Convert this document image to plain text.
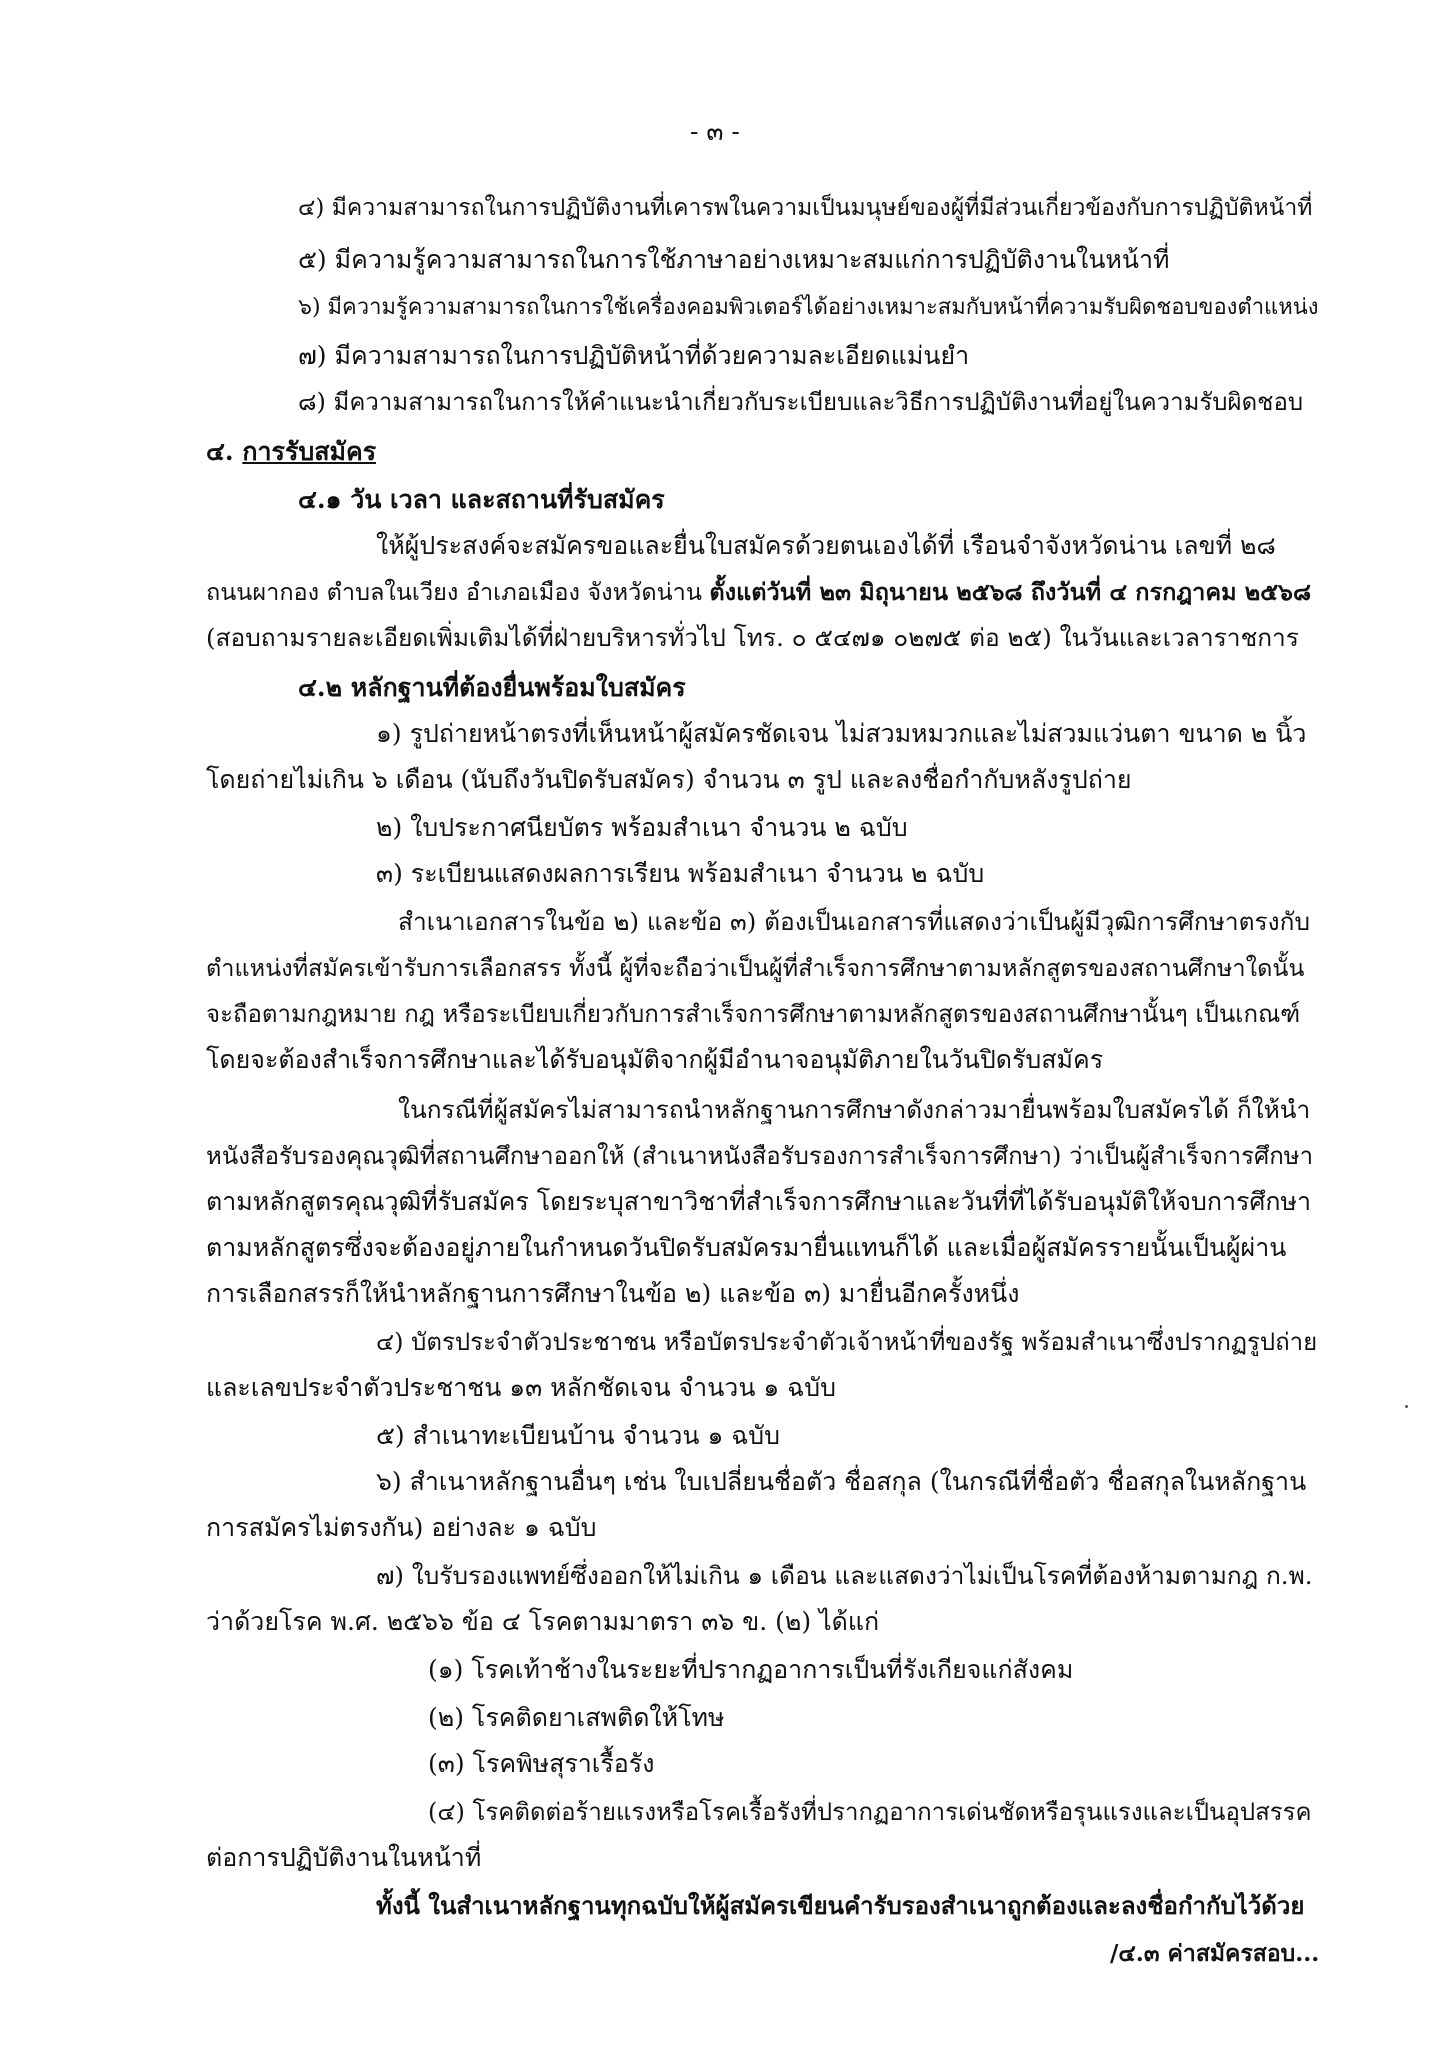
- ๓ -
๔) มีความสามารถในการปฏิบัติงานที่เคารพในความเป็นมนุษย์ของผู้ที่มีส่วนเกี่ยวข้องกับการปฏิบัติหน้าที่
๕) มีความรู้ความสามารถในการใช้ภาษาอย่างเหมาะสมแก่การปฏิบัติงานในหน้าที่
๖) มีความรู้ความสามารถในการใช้เครื่องคอมพิวเตอร์ได้อย่างเหมาะสมกับหน้าที่ความรับผิดชอบของตำแหน่ง
๗) มีความสามารถในการปฏิบัติหน้าที่ด้วยความละเอียดแม่นยำ
๘) มีความสามารถในการให้คำแนะนำเกี่ยวกับระเบียบและวิธีการปฏิบัติงานที่อยู่ในความรับผิดชอบ
๔. การรับสมัคร
๔.๑ วัน เวลา และสถานที่รับสมัคร
ให้ผู้ประสงค์จะสมัครขอและยื่นใบสมัครด้วยตนเองได้ที่ เรือนจำจังหวัดน่าน เลขที่ ๒๘
ถนนผากอง ตำบลในเวียง อำเภอเมือง จังหวัดน่าน ตั้งแต่วันที่ ๒๓ มิถุนายน ๒๕๖๘ ถึงวันที่ ๔ กรกฎาคม ๒๕๖๘
(สอบถามรายละเอียดเพิ่มเติมได้ที่ฝ่ายบริหารทั่วไป โทร. ๐ ๕๔๗๑ ๐๒๗๕ ต่อ ๒๕) ในวันและเวลาราชการ
๔.๒ หลักฐานที่ต้องยื่นพร้อมใบสมัคร
๑) รูปถ่ายหน้าตรงที่เห็นหน้าผู้สมัครชัดเจน ไม่สวมหมวกและไม่สวมแว่นตา ขนาด ๒ นิ้ว
โดยถ่ายไม่เกิน ๖ เดือน (นับถึงวันปิดรับสมัคร) จำนวน ๓ รูป และลงชื่อกำกับหลังรูปถ่าย
๒) ใบประกาศนียบัตร พร้อมสำเนา จำนวน ๒ ฉบับ
๓) ระเบียนแสดงผลการเรียน พร้อมสำเนา จำนวน ๒ ฉบับ
สำเนาเอกสารในข้อ ๒) และข้อ ๓) ต้องเป็นเอกสารที่แสดงว่าเป็นผู้มีวุฒิการศึกษาตรงกับ
ตำแหน่งที่สมัครเข้ารับการเลือกสรร ทั้งนี้ ผู้ที่จะถือว่าเป็นผู้ที่สำเร็จการศึกษาตามหลักสูตรของสถานศึกษาใดนั้น
จะถือตามกฎหมาย กฎ หรือระเบียบเกี่ยวกับการสำเร็จการศึกษาตามหลักสูตรของสถานศึกษานั้นๆ เป็นเกณฑ์
โดยจะต้องสำเร็จการศึกษาและได้รับอนุมัติจากผู้มีอำนาจอนุมัติภายในวันปิดรับสมัคร
ในกรณีที่ผู้สมัครไม่สามารถนำหลักฐานการศึกษาดังกล่าวมายื่นพร้อมใบสมัครได้ ก็ให้นำ
หนังสือรับรองคุณวุฒิที่สถานศึกษาออกให้ (สำเนาหนังสือรับรองการสำเร็จการศึกษา) ว่าเป็นผู้สำเร็จการศึกษา
ตามหลักสูตรคุณวุฒิที่รับสมัคร โดยระบุสาขาวิชาที่สำเร็จการศึกษาและวันที่ที่ได้รับอนุมัติให้จบการศึกษา
ตามหลักสูตรซึ่งจะต้องอยู่ภายในกำหนดวันปิดรับสมัครมายื่นแทนก็ได้ และเมื่อผู้สมัครรายนั้นเป็นผู้ผ่าน
การเลือกสรรก็ให้นำหลักฐานการศึกษาในข้อ ๒) และข้อ ๓) มายื่นอีกครั้งหนึ่ง
๔) บัตรประจำตัวประชาชน หรือบัตรประจำตัวเจ้าหน้าที่ของรัฐ พร้อมสำเนาซึ่งปรากฏรูปถ่าย
และเลขประจำตัวประชาชน ๑๓ หลักชัดเจน จำนวน ๑ ฉบับ
๕) สำเนาทะเบียนบ้าน จำนวน ๑ ฉบับ
๖) สำเนาหลักฐานอื่นๆ เช่น ใบเปลี่ยนชื่อตัว ชื่อสกุล (ในกรณีที่ชื่อตัว ชื่อสกุลในหลักฐาน
การสมัครไม่ตรงกัน) อย่างละ ๑ ฉบับ
๗) ใบรับรองแพทย์ซึ่งออกให้ไม่เกิน ๑ เดือน และแสดงว่าไม่เป็นโรคที่ต้องห้ามตามกฎ ก.พ.
ว่าด้วยโรค พ.ศ. ๒๕๖๖ ข้อ ๔ โรคตามมาตรา ๓๖ ข. (๒) ได้แก่
(๑) โรคเท้าช้างในระยะที่ปรากฏอาการเป็นที่รังเกียจแก่สังคม
(๒) โรคติดยาเสพติดให้โทษ
(๓) โรคพิษสุราเรื้อรัง
(๔) โรคติดต่อร้ายแรงหรือโรคเรื้อรังที่ปรากฏอาการเด่นชัดหรือรุนแรงและเป็นอุปสรรค
ต่อการปฏิบัติงานในหน้าที่
ทั้งนี้ ในสำเนาหลักฐานทุกฉบับให้ผู้สมัครเขียนคำรับรองสำเนาถูกต้องและลงชื่อกำกับไว้ด้วย
/๔.๓ ค่าสมัครสอบ...
